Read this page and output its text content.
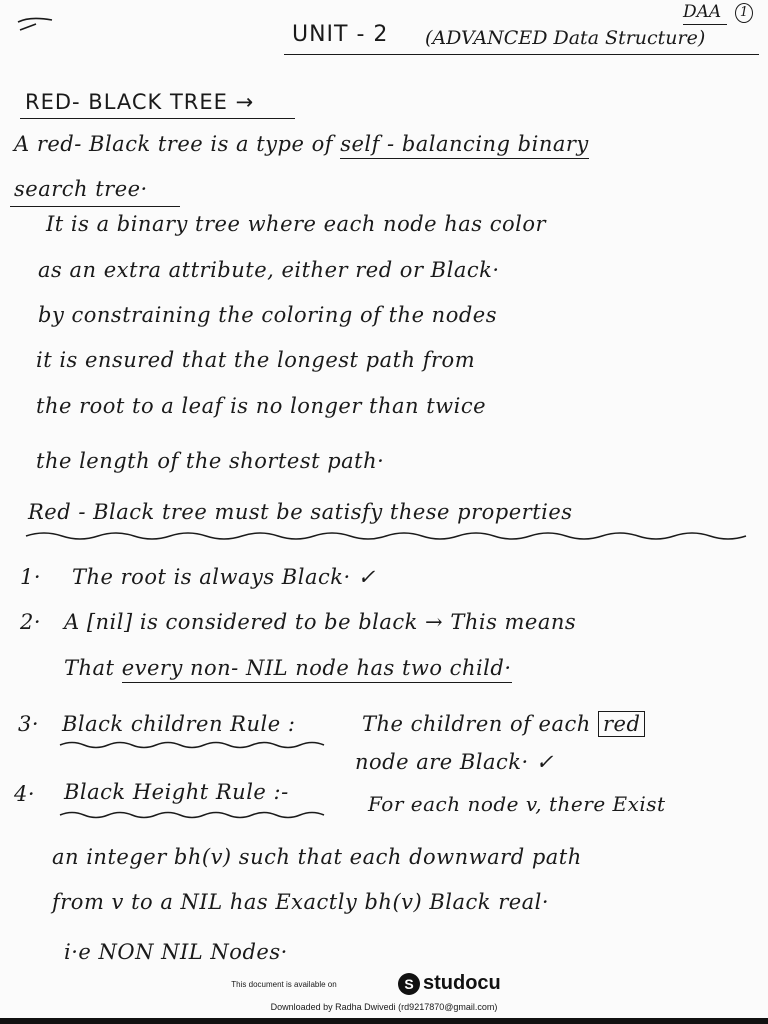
DAA	1
UNIT - 2 (ADVANCED Data Structure)
RED- BLACK TREE →
A red- Black tree is a type of self - balancing binary
search tree·
It is a binary tree where each node has color
as an extra attribute, either red or Black·
by constraining the coloring of the nodes
it is ensured that the longest path from
the root to a leaf is no longer than twice
the length of the shortest path·
Red - Black tree must be satisfy these properties
1· The root is always Black· ✓
2· A [nil] is considered to be black → This means
That every non- NIL node has two child·
3· Black children Rule :	The children of each red
node are Black· ✓
4· Black Height Rule :-	For each node v, there Exist
an integer bh(v) such that each downward path
from v to a NIL has Exactly bh(v) Black real·
i·e NON NIL Nodes·
This document is available on	S studocu
Downloaded by Radha Dwivedi (rd9217870@gmail.com)
